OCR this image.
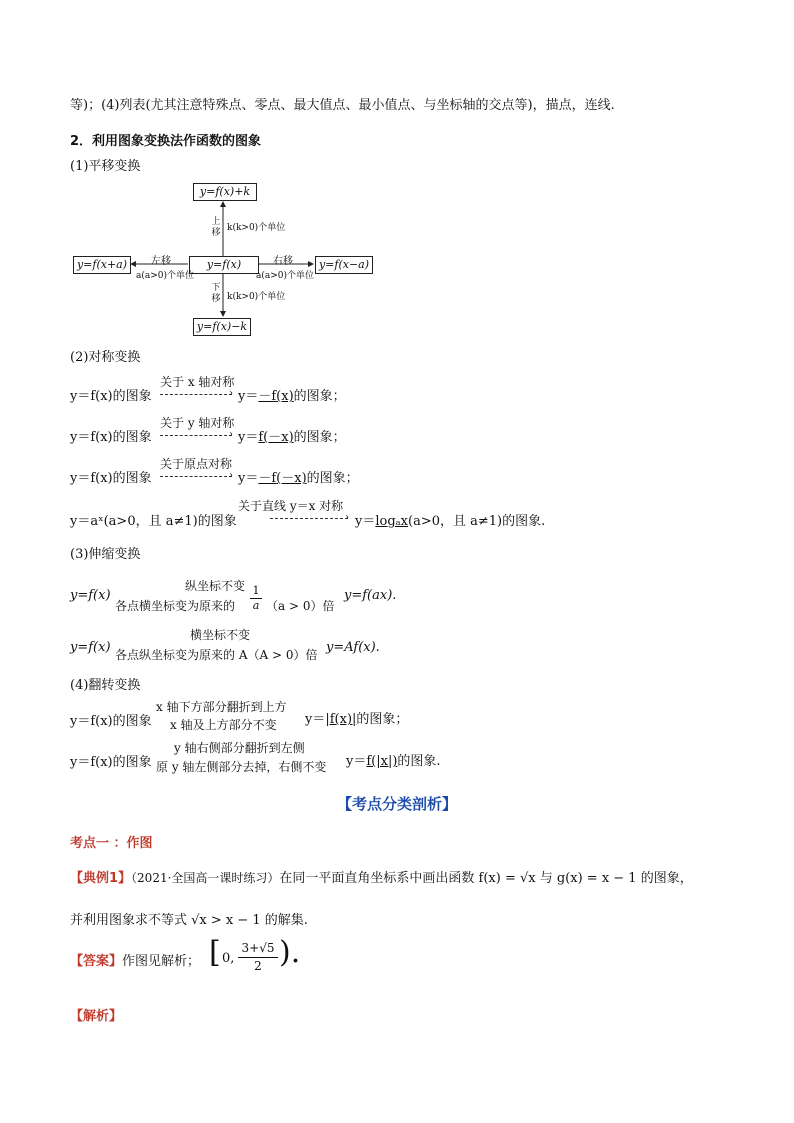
等)；(4)列表(尤其注意特殊点、零点、最大值点、最小值点、与坐标轴的交点等)，描点，连线.
2．利用图象变换法作函数的图象
(1)平移变换
y=f(x)+k
y=f(x)
y=f(x+a)	y=f(x−a)
y=f(x)−k
上移 k(k>0)个单位
下移 k(k>0)个单位
左移
a(a>0)个单位
右移
a(a>0)个单位
(2)对称变换
y＝f(x)的图象
关于 x 轴对称
› y＝－f(x)的图象；
y＝f(x)的图象
关于 y 轴对称
› y＝f(－x)的图象；
y＝f(x)的图象
关于原点对称
› y＝－f(－x)的图象；
y＝aˣ(a>0，且 a≠1)的图象
关于直线 y＝x 对称
› y＝logₐx(a>0，且 a≠1)的图象.
(3)伸缩变换
y=f(x)
纵坐标不变
各点横坐标变为原来的 $\frac{1}{a} (a > 0)$倍
y=f(ax).
y=f(x)
横坐标不变
各点纵坐标变为原来的 A（A > 0）倍 y=Af(x).
(4)翻转变换
y＝f(x)的图象
x 轴下方部分翻折到上方
x 轴及上方部分不变 y＝|f(x)|的图象；
y＝f(x)的图象
y 轴右侧部分翻折到左侧
原 y 轴左侧部分去掉，右侧不变 y＝f(|x|)的图象.
【考点分类剖析】
考点一 ：作图
【典例1】（2021·全国高一课时练习）在同一平面直角坐标系中画出函数 f(x) = √x 与 g(x) = x − 1 的图象，
并利用图象求不等式 √x > x − 1 的解集.
【答案】作图见解析； [ 0, $\frac{3+√5}{2}$ ).
【解析】
